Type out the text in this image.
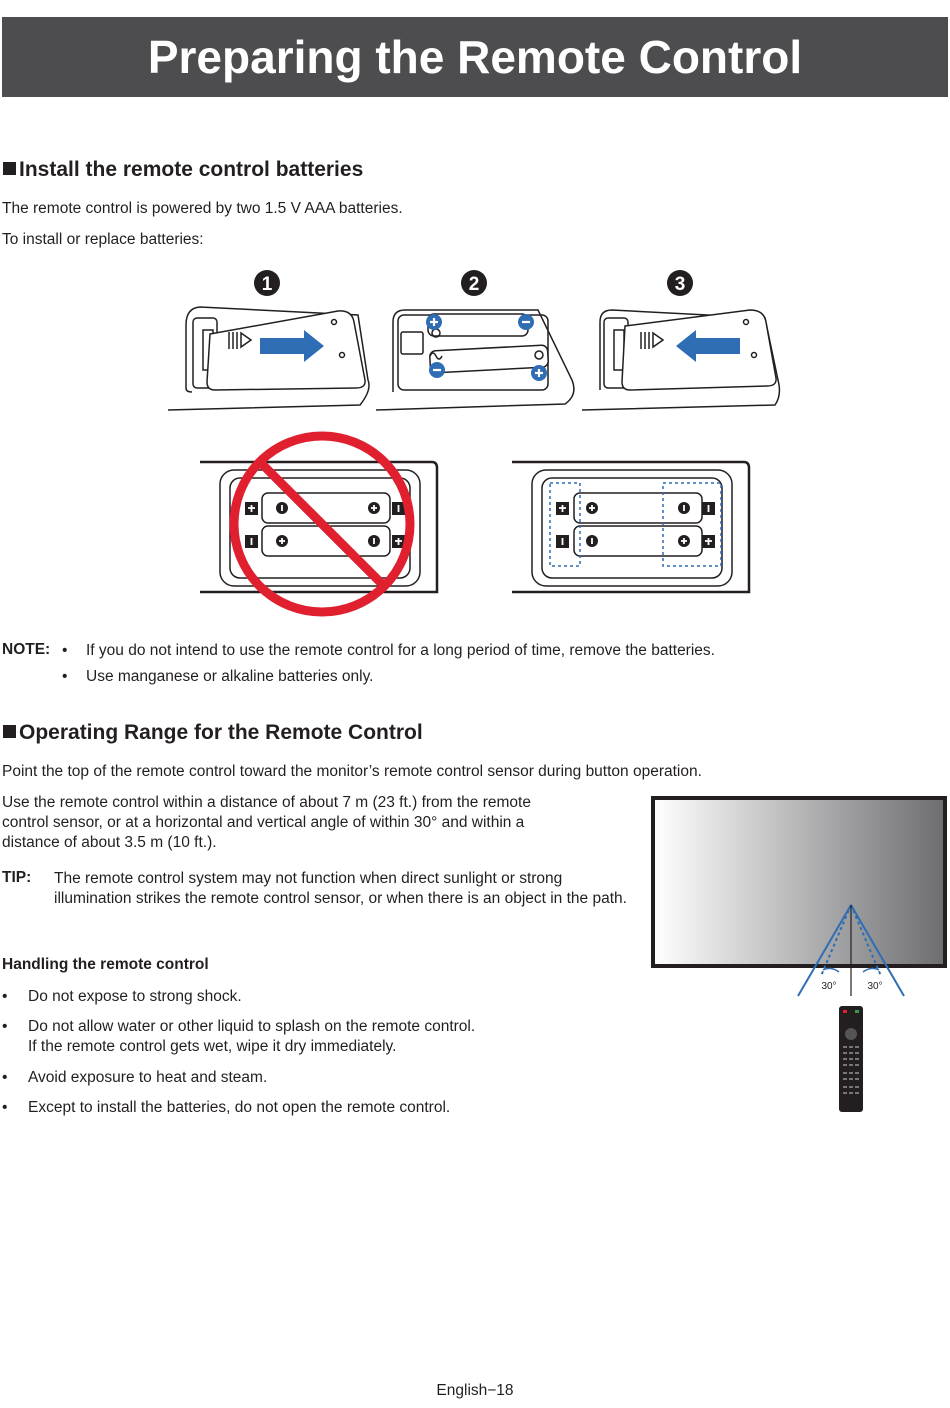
Preparing the Remote Control
Install the remote control batteries

The remote control is powered by two 1.5 V AAA batteries.

To install or replace batteries:

1	2	3
NOTE: • If you do not intend to use the remote control for a long period of time, remove the batteries.
• Use manganese or alkaline batteries only.
Operating Range for the Remote Control

Point the top of the remote control toward the monitor’s remote control sensor during button operation.

Use the remote control within a distance of about 7 m (23 ft.) from the remote

control sensor, or at a horizontal and vertical angle of within 30° and within a

distance of about 3.5 m (10 ft.).

TIP: The remote control system may not function when direct sunlight or strong illumination strikes the remote control sensor, or when there is an object in the path.

Handling the remote control

• Do not expose to strong shock.

• Do not allow water or other liquid to splash on the remote control.
If the remote control gets wet, wipe it dry immediately.

• Avoid exposure to heat and steam.

• Except to install the batteries, do not open the remote control.

30°	30°
English−18
